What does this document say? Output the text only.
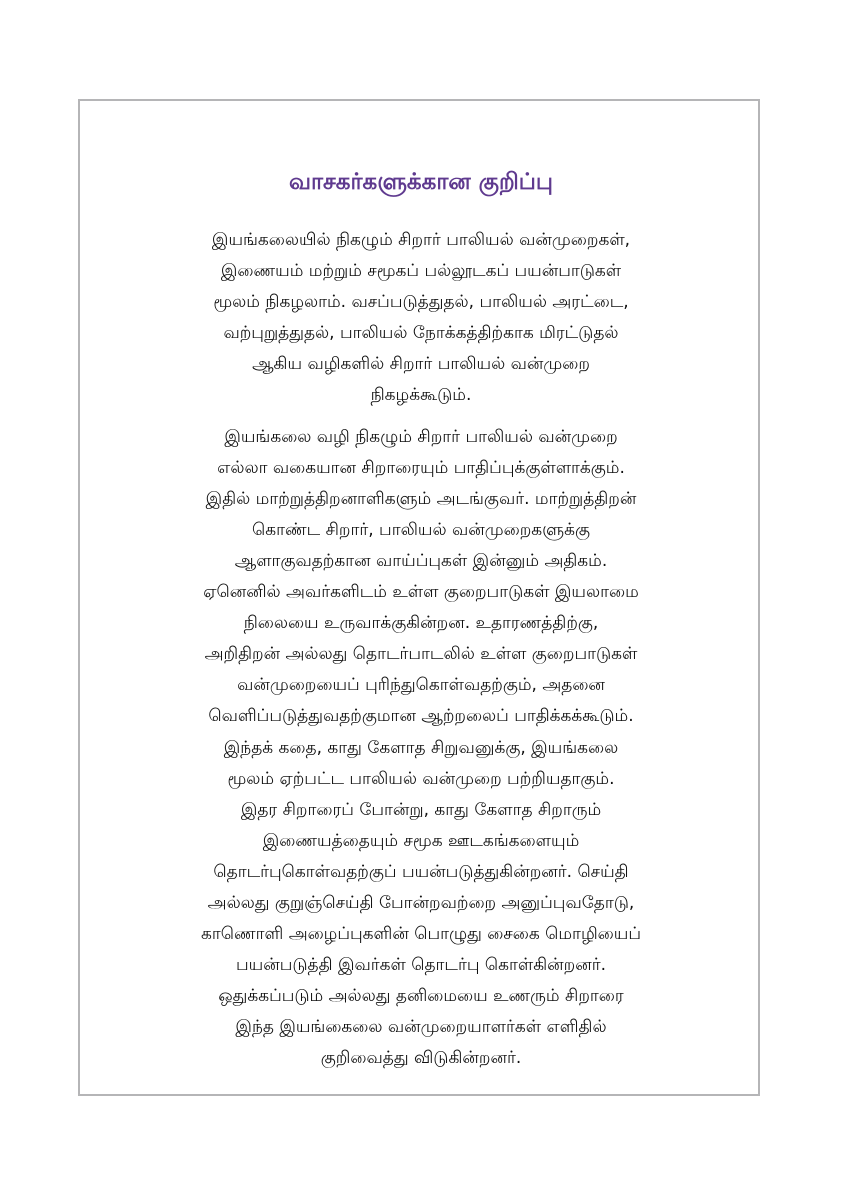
வாசகர்களுக்கான குறிப்பு

இயங்கலையில் நிகழும் சிறார் பாலியல் வன்முறைகள்,
இணையம் மற்றும் சமூகப் பல்லூடகப் பயன்பாடுகள்
மூலம் நிகழலாம். வசப்படுத்துதல், பாலியல் அரட்டை,
வற்புறுத்துதல், பாலியல் நோக்கத்திற்காக மிரட்டுதல்
ஆகிய வழிகளில் சிறார் பாலியல் வன்முறை
நிகழக்கூடும்.

இயங்கலை வழி நிகழும் சிறார் பாலியல் வன்முறை
எல்லா வகையான சிறாரையும் பாதிப்புக்குள்ளாக்கும்.
இதில் மாற்றுத்திறனாளிகளும் அடங்குவர். மாற்றுத்திறன்
கொண்ட சிறார், பாலியல் வன்முறைகளுக்கு
ஆளாகுவதற்கான வாய்ப்புகள் இன்னும் அதிகம்.
ஏனெனில் அவர்களிடம் உள்ள குறைபாடுகள் இயலாமை
நிலையை உருவாக்குகின்றன. உதாரணத்திற்கு,
அறிதிறன் அல்லது தொடர்பாடலில் உள்ள குறைபாடுகள்
வன்முறையைப் புரிந்துகொள்வதற்கும், அதனை
வெளிப்படுத்துவதற்குமான ஆற்றலைப் பாதிக்கக்கூடும்.

இந்தக் கதை, காது கேளாத சிறுவனுக்கு, இயங்கலை
மூலம் ஏற்பட்ட பாலியல் வன்முறை பற்றியதாகும்.
இதர சிறாரைப் போன்று, காது கேளாத சிறாரும்
இணையத்தையும் சமூக ஊடகங்களையும்
தொடர்புகொள்வதற்குப் பயன்படுத்துகின்றனர். செய்தி
அல்லது குறுஞ்செய்தி போன்றவற்றை அனுப்புவதோடு,
காணொளி அழைப்புகளின் பொழுது சைகை மொழியைப்
பயன்படுத்தி இவர்கள் தொடர்பு கொள்கின்றனர்.
ஒதுக்கப்படும் அல்லது தனிமையை உணரும் சிறாரை
இந்த இயங்கைலை வன்முறையாளர்கள் எளிதில்
குறிவைத்து விடுகின்றனர்.
